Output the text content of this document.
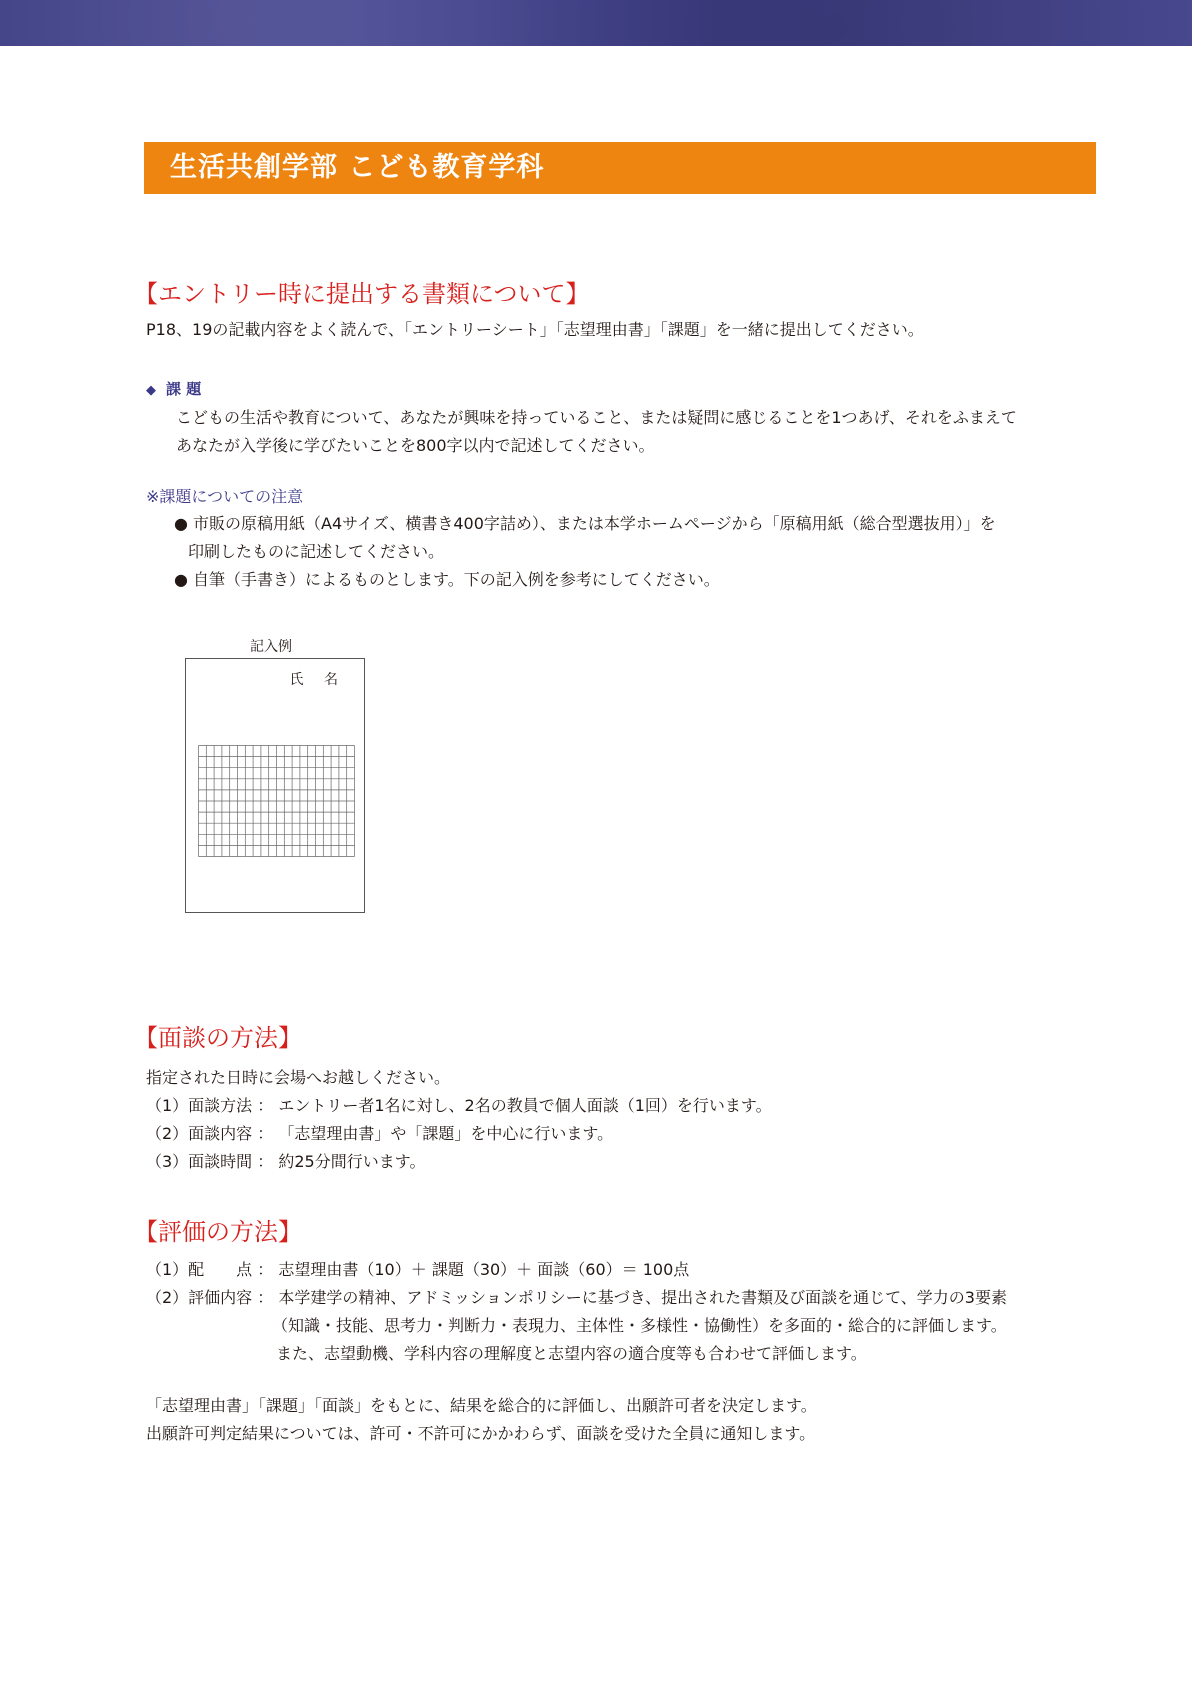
生活共創学部 こども教育学科
【エントリー時に提出する書類について】
P18、19の記載内容をよく読んで、「エントリーシート」「志望理由書」「課題」を一緒に提出してください。
◆ 課 題
こどもの生活や教育について、あなたが興味を持っていること、または疑問に感じることを1つあげ、それをふまえて
あなたが入学後に学びたいことを800字以内で記述してください。
※課題についての注意
● 市販の原稿用紙（A4サイズ、横書き400字詰め）、または本学ホームページから「原稿用紙（総合型選抜用）」を
印刷したものに記述してください。
● 自筆（手書き）によるものとします。下の記入例を参考にしてください。
記入例
氏 名
【面談の方法】
指定された日時に会場へお越しください。
（1）面談方法 ： エントリー者1名に対し、2名の教員で個人面談（1回）を行います。
（2）面談内容 ： 「志望理由書」や「課題」を中心に行います。
（3）面談時間 ： 約25分間行います。
【評価の方法】
（1）配　　点 ： 志望理由書（10）＋ 課題（30）＋ 面談（60）＝ 100点
（2）評価内容 ： 本学建学の精神、アドミッションポリシーに基づき、提出された書類及び面談を通じて、学力の3要素
（知識・技能、思考力・判断力・表現力、主体性・多様性・協働性）を多面的・総合的に評価します。
また、志望動機、学科内容の理解度と志望内容の適合度等も合わせて評価します。
「志望理由書」「課題」「面談」をもとに、結果を総合的に評価し、出願許可者を決定します。
出願許可判定結果については、許可・不許可にかかわらず、面談を受けた全員に通知します。
